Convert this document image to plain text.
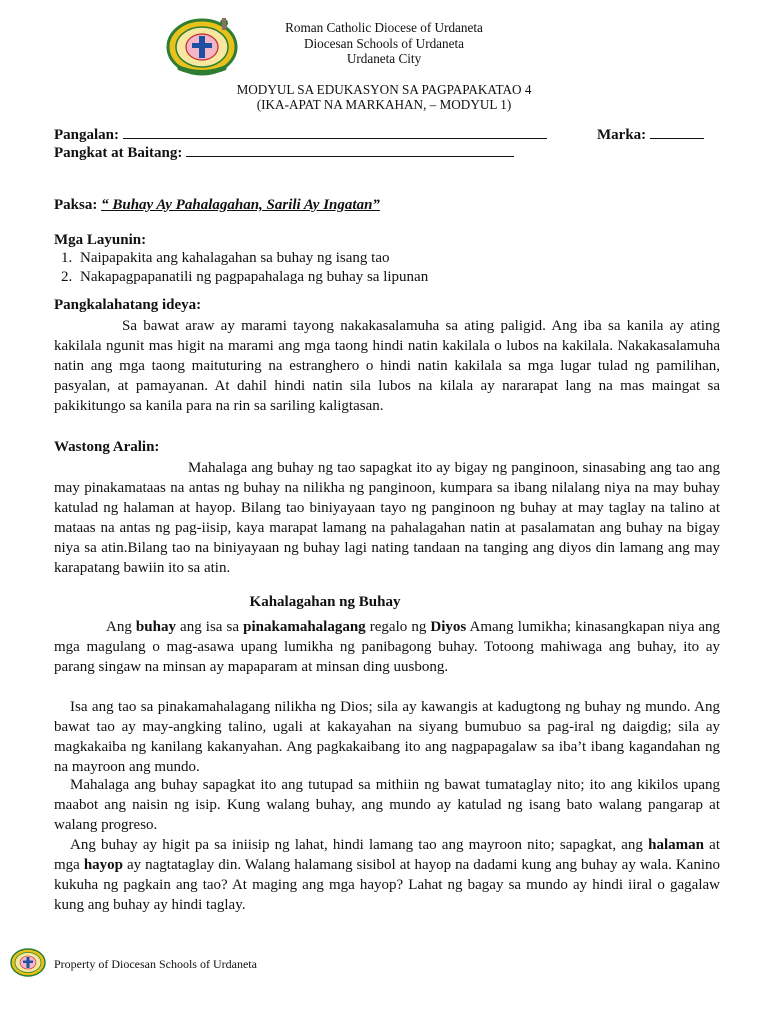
Roman Catholic Diocese of Urdaneta
Diocesan Schools of Urdaneta
Urdaneta City
MODYUL SA EDUKASYON SA PAGPAPAKATAO 4
(IKA-APAT NA MARKAHAN, – MODYUL 1)
Pangalan:	Marka:
Pangkat at Baitang:
Paksa: “ Buhay Ay Pahalagahan, Sarili Ay Ingatan”
Mga Layunin:
1. Naipapakita ang kahalagahan sa buhay ng isang tao
2. Nakapagpapanatili ng pagpapahalaga ng buhay sa lipunan
Pangkalahatang ideya:

Sa bawat araw ay marami tayong nakakasalamuha sa ating paligid. Ang iba sa kanila ay ating kakilala ngunit mas higit na marami ang mga taong hindi natin kakilala o lubos na kakilala. Nakakasalamuha natin ang mga taong maituturing na estranghero o hindi natin kakilala sa mga lugar tulad ng pamilihan, pasyalan, at pamayanan. At dahil hindi natin sila lubos na kilala ay nararapat lang na mas maingat sa pakikitungo sa kanila para na rin sa sariling kaligtasan.

Wastong Aralin:

Mahalaga ang buhay ng tao sapagkat ito ay bigay ng panginoon, sinasabing ang tao ang may pinakamataas na antas ng buhay na nilikha ng panginoon, kumpara sa ibang nilalang niya na may buhay katulad ng halaman at hayop. Bilang tao biniyayaan tayo ng panginoon ng buhay at may taglay na talino at mataas na antas ng pag-iisip, kaya marapat lamang na pahalagahan natin at pasalamatan ang buhay na bigay niya sa atin.Bilang tao na biniyayaan ng buhay lagi nating tandaan na tanging ang diyos din lamang ang may karapatang bawiin ito sa atin.

Kahalagahan ng Buhay

Ang buhay ang isa sa pinakamahalagang regalo ng Diyos Amang lumikha; kinasangkapan niya ang mga magulang o mag-asawa upang lumikha ng panibagong buhay. Totoong mahiwaga ang buhay, ito ay parang singaw na minsan ay mapaparam at minsan ding uusbong.

Isa ang tao sa pinakamahalagang nilikha ng Dios; sila ay kawangis at kadugtong ng buhay ng mundo. Ang bawat tao ay may-angking talino, ugali at kakayahan na siyang bumubuo sa pag-iral ng daigdig; sila ay magkakaiba ng kanilang kakanyahan. Ang pagkakaibang ito ang nagpapagalaw sa iba’t ibang kagandahan ng na mayroon ang mundo.

Mahalaga ang buhay sapagkat ito ang tutupad sa mithiin ng bawat tumataglay nito; ito ang kikilos upang maabot ang naisin ng isip. Kung walang buhay, ang mundo ay katulad ng isang bato walang pangarap at walang progreso.

Ang buhay ay higit pa sa iniisip ng lahat, hindi lamang tao ang mayroon nito; sapagkat, ang halaman at mga hayop ay nagtataglay din. Walang halamang sisibol at hayop na dadami kung ang buhay ay wala. Kanino kukuha ng pagkain ang tao? At maging ang mga hayop? Lahat ng bagay sa mundo ay hindi iiral o gagalaw kung ang buhay ay hindi taglay.

Property of Diocesan Schools of Urdaneta
